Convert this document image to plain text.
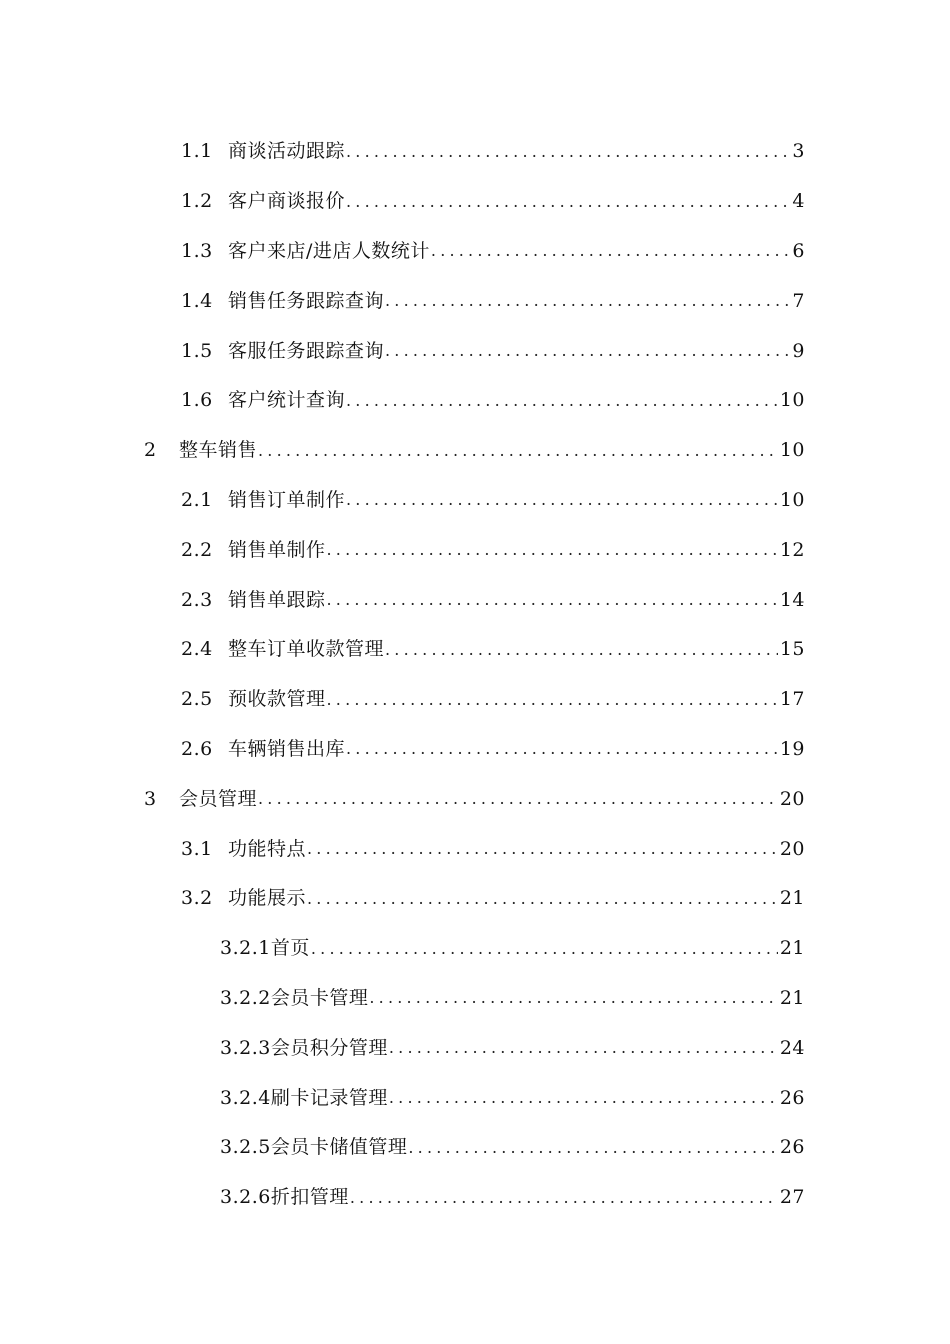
1.1 商谈活动跟踪 .....	3
1.2 客户商谈报价 .....	4
1.3 客户来店/进店人数统计 .....	6
1.4 销售任务跟踪查询 .....	7
1.5 客服任务跟踪查询 .....	9
1.6 客户统计查询 .....	10
2	整车销售 .....	10
2.1 销售订单制作 .....	10
2.2 销售单制作 .....	12
2.3 销售单跟踪 .....	14
2.4 整车订单收款管理 .....	15
2.5 预收款管理 .....	17
2.6 车辆销售出库 .....	19
3	会员管理 .....	20
3.1 功能特点 .....	20
3.2 功能展示 .....	21
3.2.1 首页 .....	21
3.2.2 会员卡管理 .....	21
3.2.3 会员积分管理 .....	24
3.2.4 刷卡记录管理 .....	26
3.2.5 会员卡储值管理 .....	26
3.2.6 折扣管理 .....	27
